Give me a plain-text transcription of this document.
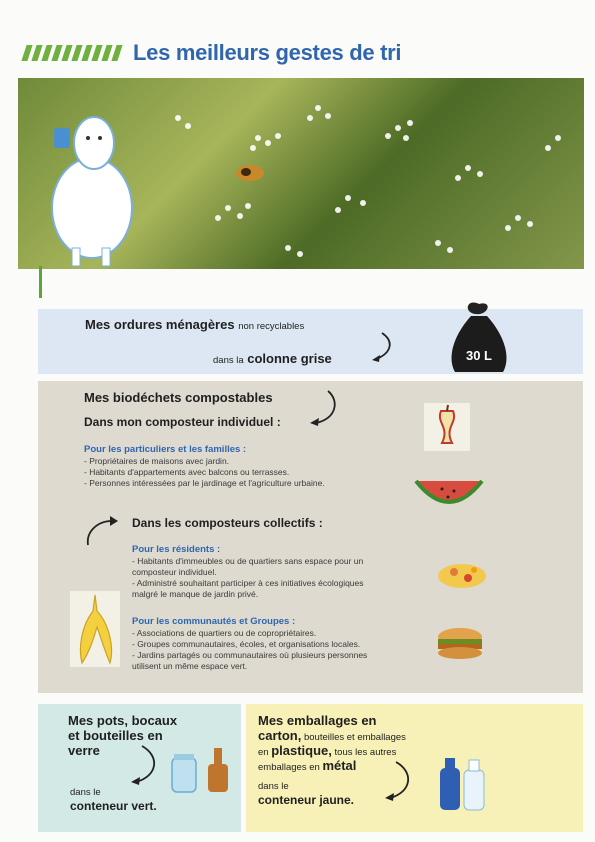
Les meilleurs gestes de tri
Mes ordures ménagères non recyclables
dans la colonne grise	30 L
Mes biodéchets compostables
Dans mon composteur individuel :
Pour les particuliers et les familles :
- Propriétaires de maisons avec jardin.
- Habitants d'appartements avec balcons ou terrasses.
- Personnes intéressées par le jardinage et l'agriculture urbaine.
Dans les composteurs collectifs :
Pour les résidents :
- Habitants d'immeubles ou de quartiers sans espace pour un
composteur individuel.
- Administré souhaitant participer à ces initiatives écologiques
malgré le manque de jardin privé.
Pour les communautés et Groupes :
- Associations de quartiers ou de copropriétaires.
- Groupes communautaires, écoles, et organisations locales.
- Jardins partagés ou communautaires où plusieurs personnes
utilisent un même espace vert.
Mes pots, bocaux
et bouteilles en
verre
dans le
conteneur vert.
Mes emballages en
carton, bouteilles et emballages
en plastique, tous les autres
emballages en métal
dans le
conteneur jaune.
